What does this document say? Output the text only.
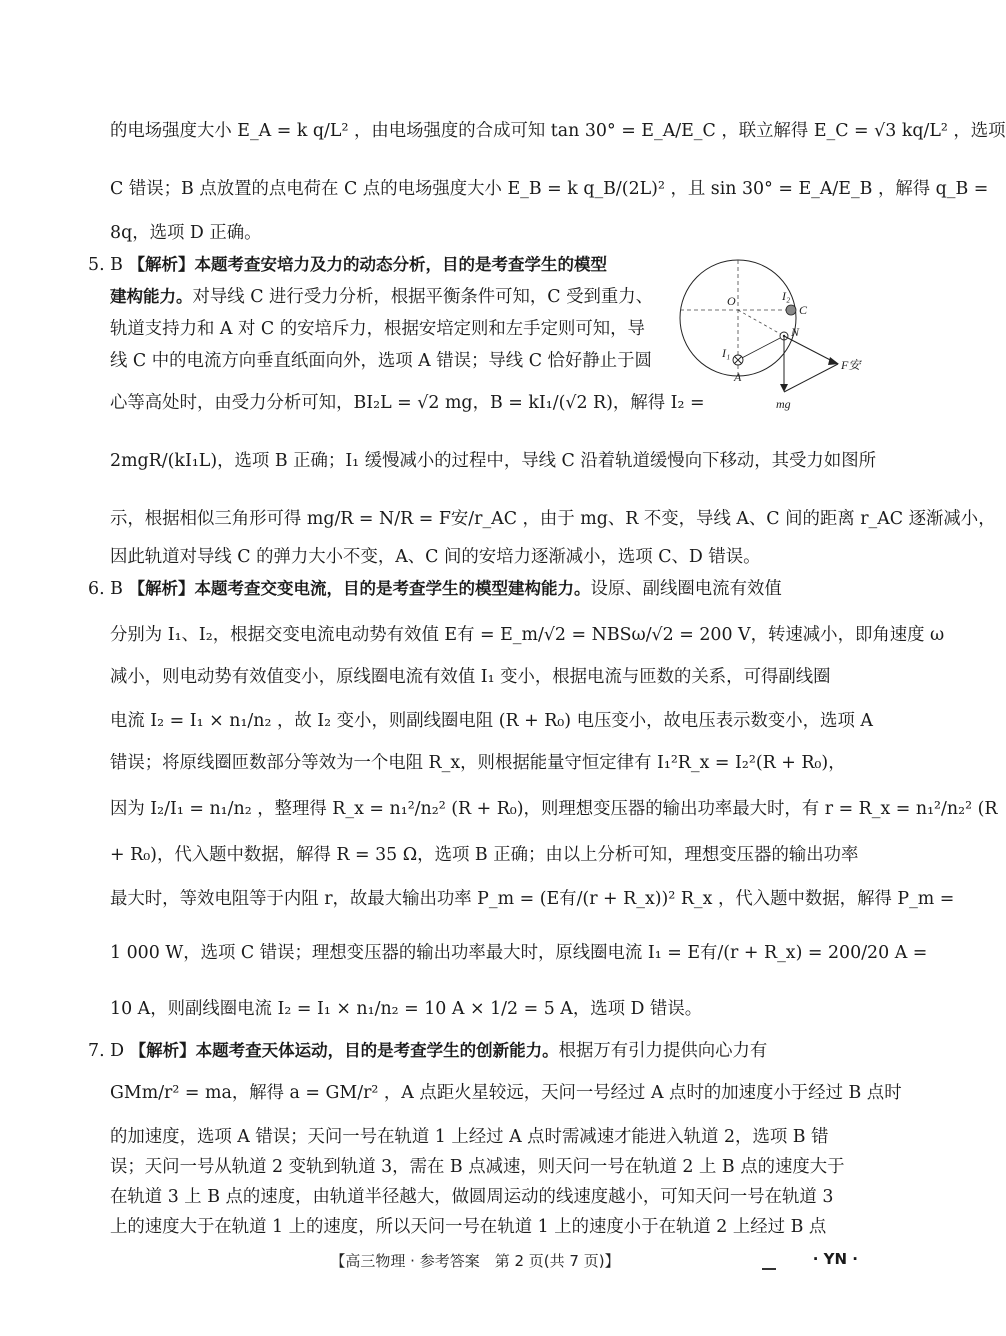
的电场强度大小 E_A = k q/L² ，由电场强度的合成可知 tan 30° = E_A/E_C ，联立解得 E_C = √3 kq/L² ，选项
C 错误；B 点放置的点电荷在 C 点的电场强度大小 E_B = k q_B/(2L)² ，且 sin 30° = E_A/E_B ，解得 q_B =
8q，选项 D 正确。
5. B 【解析】本题考查安培力及力的动态分析，目的是考查学生的模型
建构能力。对导线 C 进行受力分析，根据平衡条件可知，C 受到重力、
轨道支持力和 A 对 C 的安培斥力，根据安培定则和左手定则可知，导
线 C 中的电流方向垂直纸面向外，选项 A 错误；导线 C 恰好静止于圆
心等高处时，由受力分析可知，BI₂L = √2 mg，B = kI₁/(√2 R)，解得 I₂ =
2mgR/(kI₁L)，选项 B 正确；I₁ 缓慢减小的过程中，导线 C 沿着轨道缓慢向下移动，其受力如图所
示，根据相似三角形可得 mg/R = N/R = F安/r_AC ，由于 mg、R 不变，导线 A、C 间的距离 r_AC 逐渐减小，
因此轨道对导线 C 的弹力大小不变，A、C 间的安培力逐渐减小，选项 C、D 错误。
O	I₂
C
N
I₁
A
F安
mg
6. B 【解析】本题考查交变电流，目的是考查学生的模型建构能力。设原、副线圈电流有效值
分别为 I₁、I₂，根据交变电流电动势有效值 E有 = E_m/√2 = NBSω/√2 = 200 V，转速减小，即角速度 ω
减小，则电动势有效值变小，原线圈电流有效值 I₁ 变小，根据电流与匝数的关系，可得副线圈
电流 I₂ = I₁ × n₁/n₂ ，故 I₂ 变小，则副线圈电阻 (R + R₀) 电压变小，故电压表示数变小，选项 A
错误；将原线圈匝数部分等效为一个电阻 R_x，则根据能量守恒定律有 I₁²R_x = I₂²(R + R₀)，
因为 I₂/I₁ = n₁/n₂ ，整理得 R_x = n₁²/n₂² (R + R₀)，则理想变压器的输出功率最大时，有 r = R_x = n₁²/n₂² (R
+ R₀)，代入题中数据，解得 R = 35 Ω，选项 B 正确；由以上分析可知，理想变压器的输出功率
最大时，等效电阻等于内阻 r，故最大输出功率 P_m = (E有/(r + R_x))² R_x ，代入题中数据，解得 P_m =
1 000 W，选项 C 错误；理想变压器的输出功率最大时，原线圈电流 I₁ = E有/(r + R_x) = 200/20 A =
10 A，则副线圈电流 I₂ = I₁ × n₁/n₂ = 10 A × 1/2 = 5 A，选项 D 错误。
7. D 【解析】本题考查天体运动，目的是考查学生的创新能力。根据万有引力提供向心力有
GMm/r² = ma，解得 a = GM/r² ，A 点距火星较远，天问一号经过 A 点时的加速度小于经过 B 点时
的加速度，选项 A 错误；天问一号在轨道 1 上经过 A 点时需减速才能进入轨道 2，选项 B 错
误；天问一号从轨道 2 变轨到轨道 3，需在 B 点减速，则天问一号在轨道 2 上 B 点的速度大于
在轨道 3 上 B 点的速度，由轨道半径越大，做圆周运动的线速度越小，可知天问一号在轨道 3
上的速度大于在轨道 1 上的速度，所以天问一号在轨道 1 上的速度小于在轨道 2 上经过 B 点
【高三物理 · 参考答案　第 2 页(共 7 页)】	· YN ·
